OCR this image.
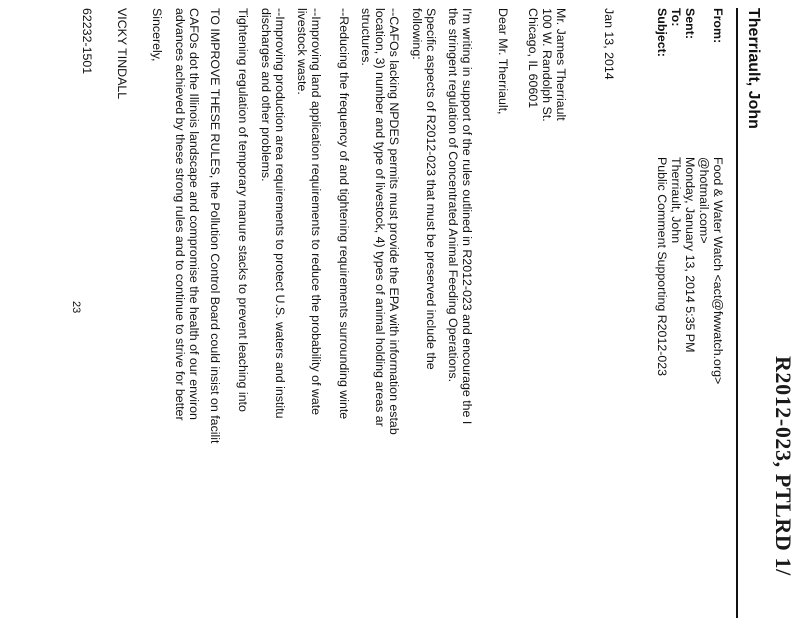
R2012-023, PTLRD 1/
Therriault, John
From:
Food & Water Watch <act@fwwatch.org>
@hotmail.com>
Sent:
Monday, January 13, 2014 5:35 PM
To:
Therriault, John
Subject:
Public Comment Supporting R2012-023
Jan 13, 2014
Mr. James Therriault
100 W. Randolph St.
Chicago, IL 60601
Dear Mr. Therriault,
I'm writing in support of the rules outlined in R2012-023 and encourage the I
the stringent regulation of Concentrated Animal Feeding Operations.
Specific aspects of R2012-023 that must be preserved include the
following:
--CAFOs lacking NPDES permits must provide the EPA with information estab
location, 3) number and type of livestock, 4) types of animal holding areas ar
structures.
--Reducing the frequency of and tightening requirements surrounding winte
--Improving land application requirements to reduce the probability of wate
livestock waste.
--Improving production area requirements to protect U.S. waters and institu
discharges and other problems.
Tightening regulation of temporary manure stacks to prevent leaching into
TO IMPROVE THESE RULES, the Pollution Control Board could insist on facilit
CAFOs dot the Illinois landscape and compromise the health of our environ
advances achieved by these strong rules and to continue to strive for better
Sincerely,
VICKY TINDALL
62232-1501
23
